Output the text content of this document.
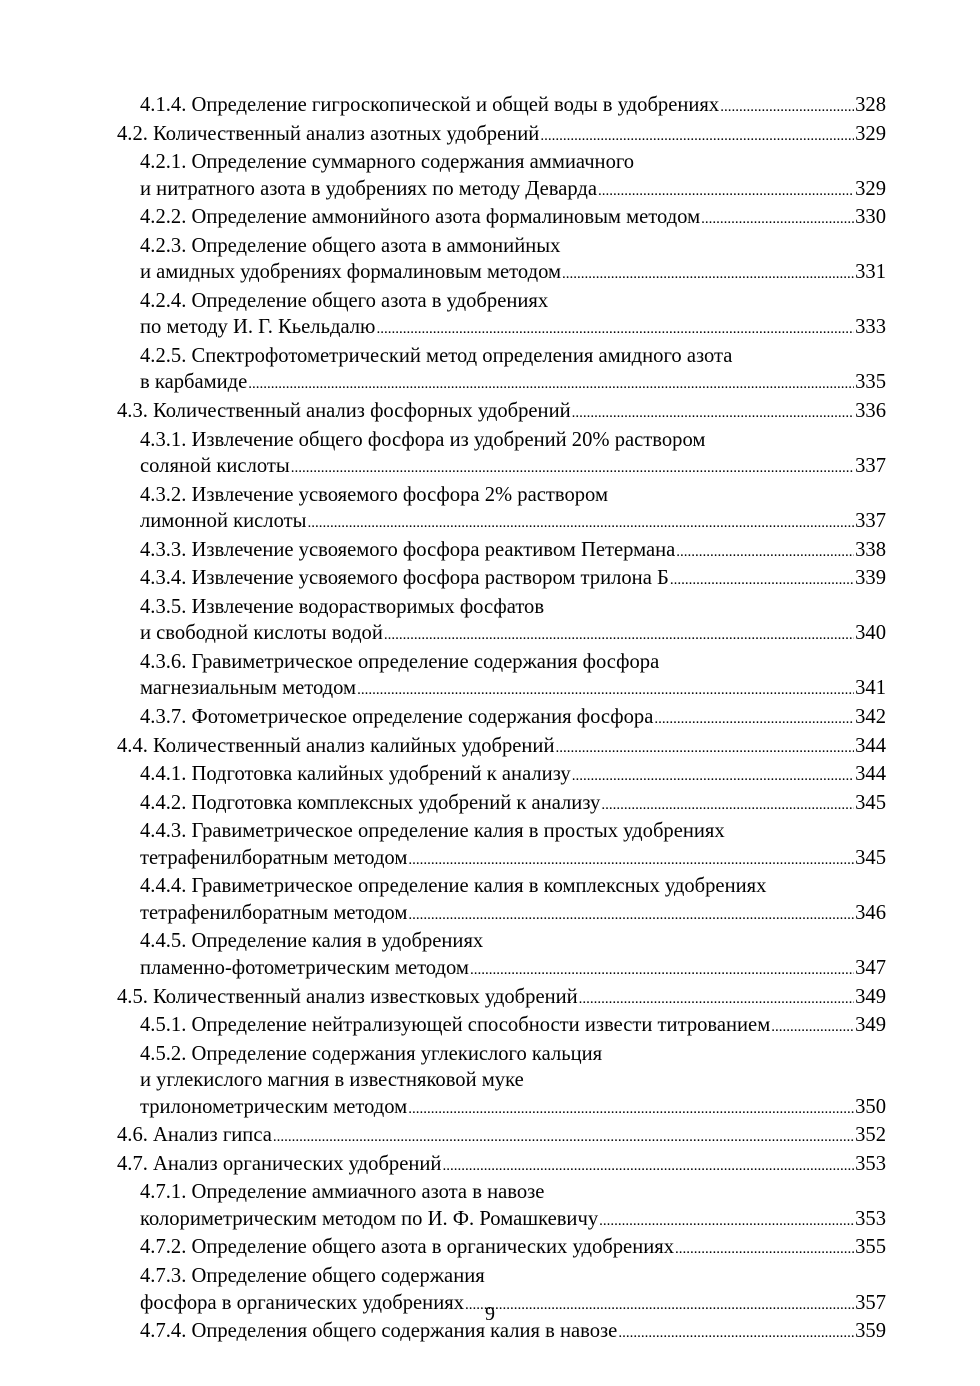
4.1.4. Определение гигроскопической и общей воды в удобрениях .....	328
4.2. Количественный анализ азотных удобрений .....	329
4.2.1. Определение суммарного содержания аммиачного
и нитратного азота в удобрениях по методу Деварда .....	329
4.2.2. Определение аммонийного азота формалиновым методом .....	330
4.2.3. Определение общего азота в аммонийных
и амидных удобрениях формалиновым методом .....	331
4.2.4. Определение общего азота в удобрениях
по методу И. Г. Кьельдалю .....	333
4.2.5. Спектрофотометрический метод определения амидного азота
в карбамиде .....	335
4.3. Количественный анализ фосфорных удобрений .....	336
4.3.1. Извлечение общего фосфора из удобрений 20% раствором
соляной кислоты .....	337
4.3.2. Извлечение усвояемого фосфора 2% раствором
лимонной кислоты .....	337
4.3.3. Извлечение усвояемого фосфора реактивом Петермана .....	338
4.3.4. Извлечение усвояемого фосфора раствором трилона Б .....	339
4.3.5. Извлечение водорастворимых фосфатов
и свободной кислоты водой .....	340
4.3.6. Гравиметрическое определение содержания фосфора
магнезиальным методом .....	341
4.3.7. Фотометрическое определение содержания фосфора .....	342
4.4. Количественный анализ калийных удобрений .....	344
4.4.1. Подготовка калийных удобрений к анализу .....	344
4.4.2. Подготовка комплексных удобрений к анализу .....	345
4.4.3. Гравиметрическое определение калия в простых удобрениях
тетрафенилборатным методом .....	345
4.4.4. Гравиметрическое определение калия в комплексных удобрениях
тетрафенилборатным методом .....	346
4.4.5. Определение калия в удобрениях
пламенно-фотометрическим методом .....	347
4.5. Количественный анализ известковых удобрений .....	349
4.5.1. Определение нейтрализующей способности извести титрованием .....	349
4.5.2. Определение содержания углекислого кальция
и углекислого магния в известняковой муке
трилонометрическим методом .....	350
4.6. Анализ гипса .....	352
4.7. Анализ органических удобрений .....	353
4.7.1. Определение аммиачного азота в навозе
колориметрическим методом по И. Ф. Ромашкевичу .....	353
4.7.2. Определение общего азота в органических удобрениях .....	355
4.7.3. Определение общего содержания
фосфора в органических удобрениях .....	357
4.7.4. Определения общего содержания калия в навозе .....	359
9
